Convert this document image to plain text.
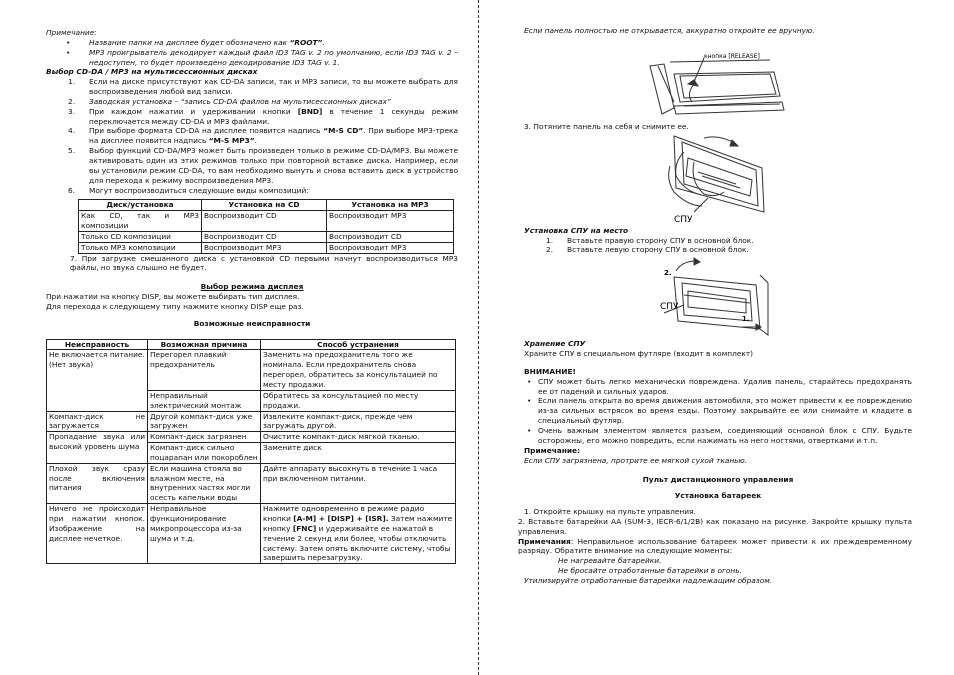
Примечание:

• Название папки на дисплее будет обозначено как “ROOT”.
• MP3 проигрыватель декодирует каждый файл ID3 TAG v. 2 по умолчанию, если ID3 TAG v. 2 – недоступен, то будет произведено декодирование ID3 TAG v. 1.

Выбор CD-DA / MP3 на мультисессионных дисках

1. Если на диске присутствуют как CD-DA записи, так и MP3 записи, то вы можете выбрать для воспроизведения любой вид записи.
2. Заводская установка – “запись CD-DA файлов на мультисессионных дисках”
3. При каждом нажатии и удерживании кнопки [BND] в течение 1 секунды режим переключается между CD-DA и MP3 файлами.
4. При выборе формата CD-DA на дисплее появится надпись “M-S CD”. При выборе MP3-трека на дисплее появится надпись “M-S MP3”.
5. Выбор функций CD-DA/MP3 может быть произведен только в режиме CD-DA/MP3. Вы можете активировать один из этих режимов только при повторной вставке диска. Например, если вы установили режим CD-DA, то вам необходимо вынуть и снова вставить диск в устройство для перехода к режиму воспроизведения MP3.
6. Могут воспроизводиться следующие виды композиций:
Диск/установка	Установка на CD	Установка на MP3
Как CD, так и MP3 композиции	Воспроизводит CD	Воспроизводит MP3
Только CD композиции	Воспроизводит CD	Воспроизводит CD
Только MP3 композиции	Воспроизводит MP3	Воспроизводит MP3

7. При загрузке смешанного диска с установкой CD первыми начнут воспроизводиться MP3 файлы, но звука слышно не будет.

Выбор режима дисплея

При нажатии на кнопку DISP, вы можете выбирать тип дисплея.

Для перехода к следующему типу нажмите кнопку DISP еще раз.

Возможные неисправности

Неисправность	Возможная причина	Способ устранения
Не включается питание.
(Нет звука)	Перегорел плавкий предохранитель	Заменить на предохранитель того же номинала. Если предохранитель снова перегорел, обратитесь за консультацией по месту продажи.
	Неправильный электрический монтаж	Обратитесь за консультацией по месту продажи.
Компакт-диск не загружается	Другой компакт-диск уже загружен	Извлеките компакт-диск, прежде чем загружать другой.
Пропадание звука или высокий уровень шума	Компакт-диск загрязнен	Очистите компакт-диск мягкой тканью.
	Компакт-диск сильно поцарапан или покороблен	Замените диск
Плохой звук сразу после включения питания	Если машина стояла во влажном месте, на внутренних частях могли осесть капельки воды	Дайте аппарату высохнуть в течение 1 часа при включенном питании.
Ничего не происходит при нажатии кнопок. Изображение на дисплее нечеткое.	Неправильное функционирование микропроцессора из-за шума и т.д.	Нажмите одновременно в режиме радио кнопки [A-M] + [DISP] + [ISR]. Затем нажмите кнопку [FNC] и удерживайте ее нажатой в течение 2 секунд или более, чтобы отключить систему. Затем опять включите систему, чтобы завершить перезагрузку.

Если панель полностью не открывается, аккуратно откройте ее вручную.

кнопка [RELEASE]

3. Потяните панель на себя и снимите ее.

СПУ

Установка СПУ на место

1. Вставьте правую сторону СПУ в основной блок.
2. Вставьте левую сторону СПУ в основной блок.
2.
1.
СПУ

Хранение СПУ

Храните СПУ в специальном футляре (входит в комплект)

ВНИМАНИЕ!

• СПУ может быть легко механически повреждена. Удалив панель, старайтесь предохранять ее от падений и сильных ударов.
• Если панель открыта во время движения автомобиля, это может привести к ее повреждению из-за сильных встрясок во время езды. Поэтому закрывайте ее или снимайте и кладите в специальный футляр.
• Очень важным элементом является разъем, соединяющий основной блок с СПУ. Будьте осторожны, его можно повредить, если нажимать на него ногтями, отвертками и т.п.

Примечание:

Если СПУ загрязнена, протрите ее мягкой сухой тканью.

Пульт дистанционного управления

Установка батареек

1. Откройте крышку на пульте управления.

2. Вставьте батарейки AA (SUM-3, IECR-6/1/2B) как показано на рисунке. Закройте крышку пульта управления.

Примечания: Неправильное использование батареек может привести к их преждевременному разряду. Обратите внимание на следующие моменты:

Не нагревайте батарейки.

Не бросайте отработанные батарейки в огонь.

Утилизируйте отработанные батарейки надлежащим образом.
